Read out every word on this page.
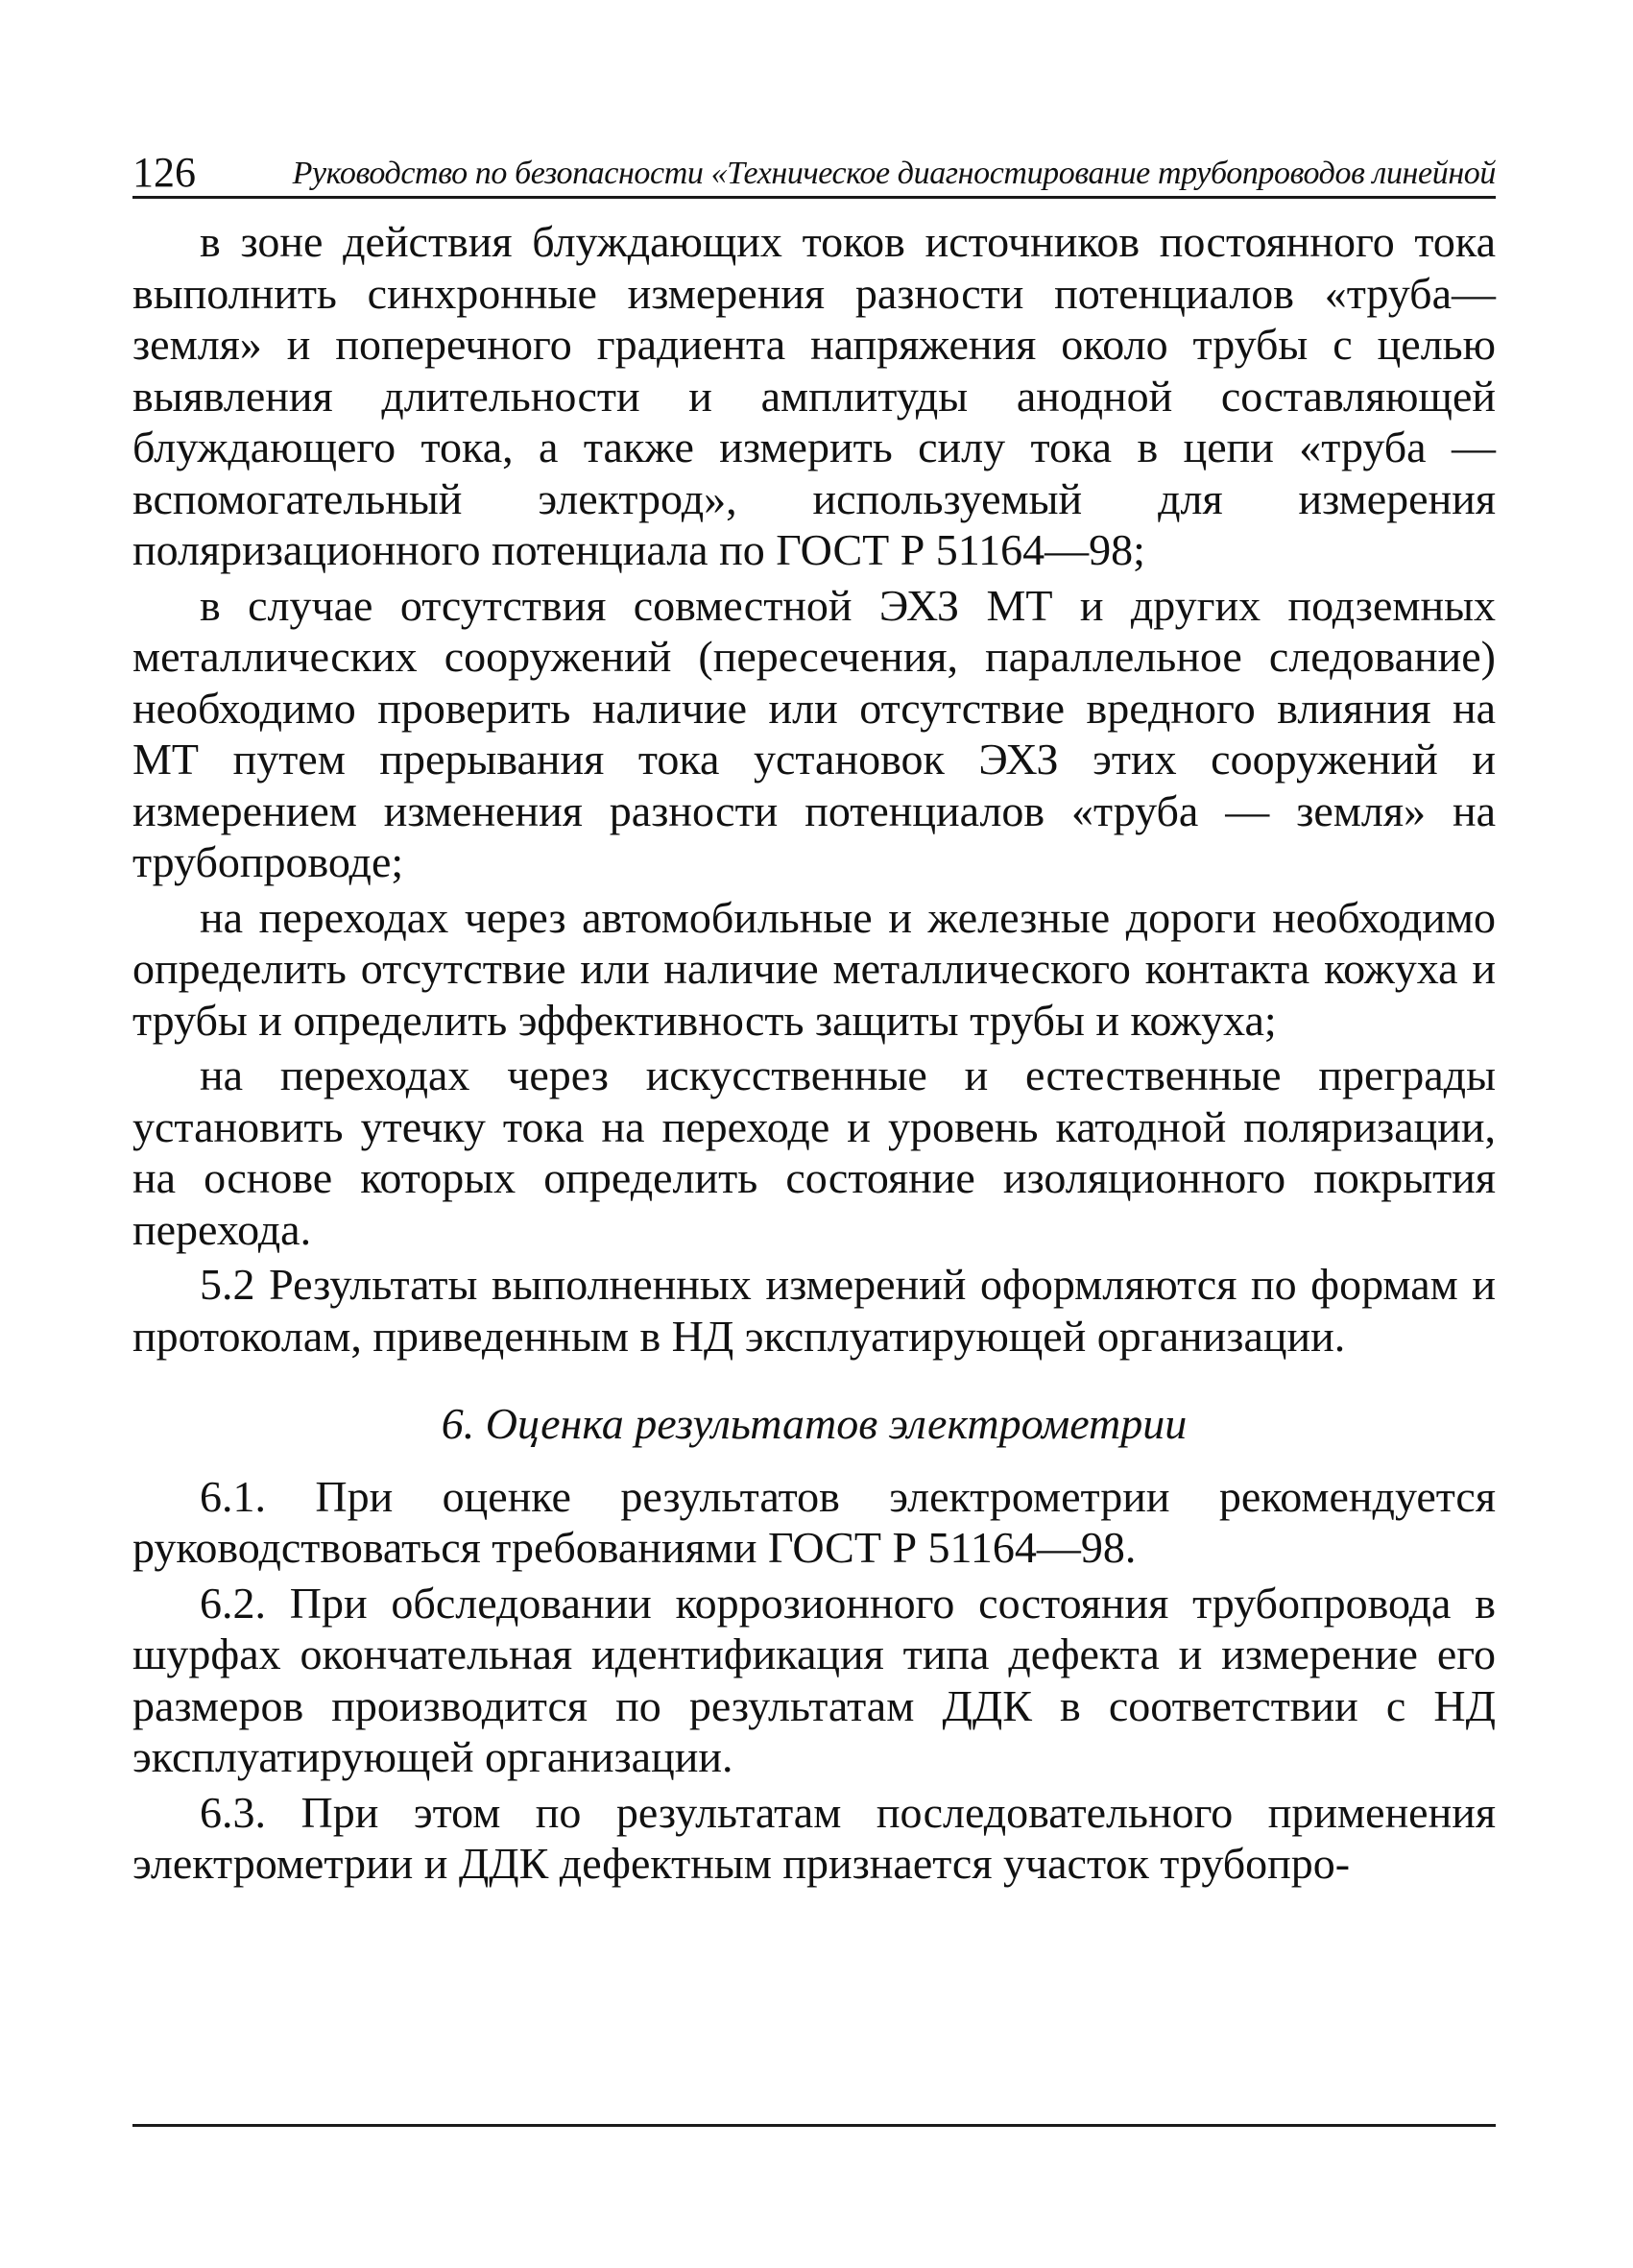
126	Руководство по безопасности «Техническое диагностирование трубопроводов линейной

в зоне действия блуждающих токов источников постоянного тока выполнить синхронные измерения разности потенциалов «труба—земля» и поперечного градиента напряжения около трубы с целью выявления длительности и амплитуды анодной составляющей блуждающего тока, а также измерить силу тока в цепи «труба — вспомогательный электрод», используемый для измерения поляризационного потенциала по ГОСТ Р 51164—98;

в случае отсутствия совместной ЭХЗ МТ и других подземных металлических сооружений (пересечения, параллельное следование) необходимо проверить наличие или отсутствие вредного влияния на МТ путем прерывания тока установок ЭХЗ этих сооружений и измерением изменения разности потенциалов «труба — земля» на трубопроводе;

на переходах через автомобильные и железные дороги необходимо определить отсутствие или наличие металлического контакта кожуха и трубы и определить эффективность защиты трубы и кожуха;

на переходах через искусственные и естественные преграды установить утечку тока на переходе и уровень катодной поляризации, на основе которых определить состояние изоляционного покрытия перехода.

5.2 Результаты выполненных измерений оформляются по формам и протоколам, приведенным в НД эксплуатирующей организации.

6. Оценка результатов электрометрии

6.1. При оценке результатов электрометрии рекомендуется руководствоваться требованиями ГОСТ Р 51164—98.

6.2. При обследовании коррозионного состояния трубопровода в шурфах окончательная идентификация типа дефекта и измерение его размеров производится по результатам ДДК в соответствии с НД эксплуатирующей организации.

6.3. При этом по результатам последовательного применения электрометрии и ДДК дефектным признается участок трубопро-
